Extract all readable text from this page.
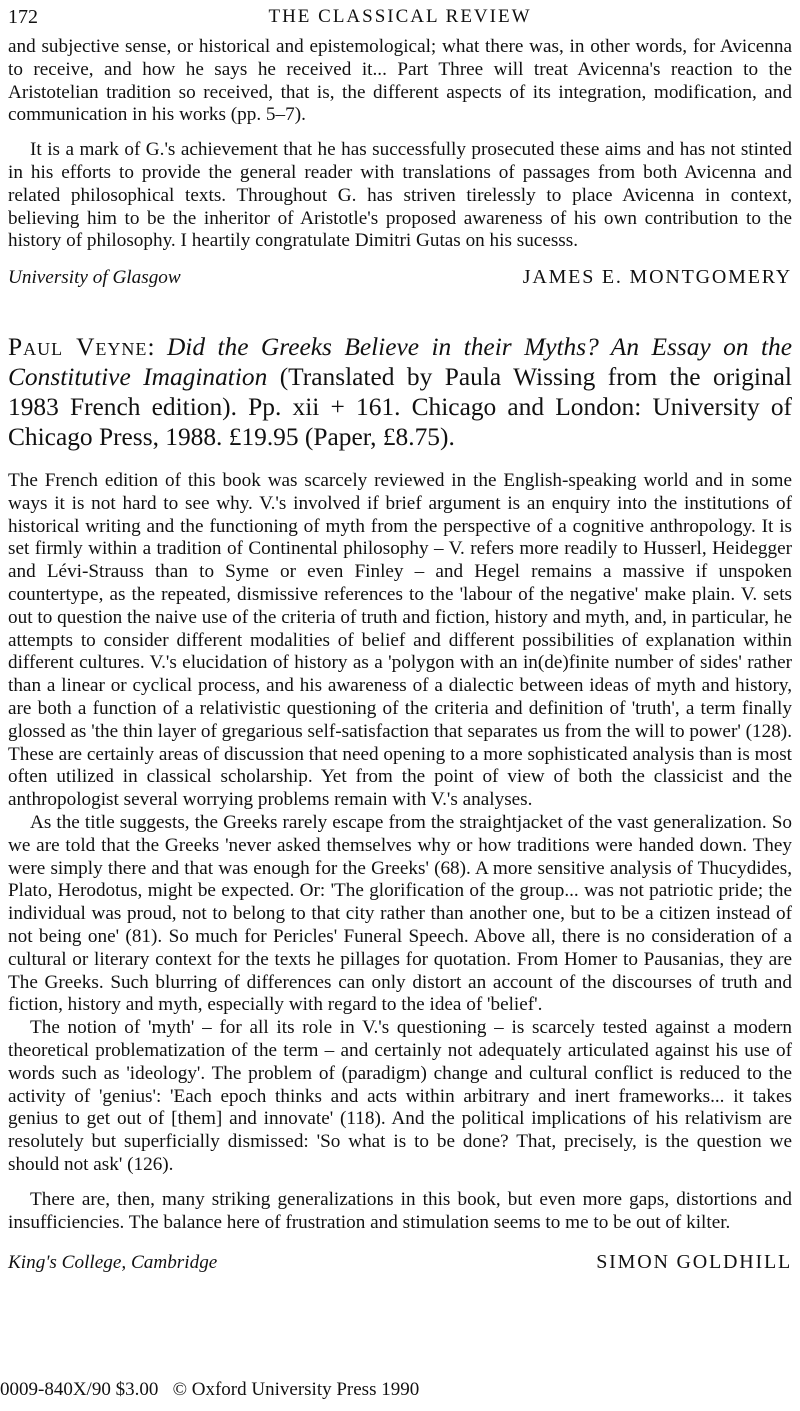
172	THE CLASSICAL REVIEW

and subjective sense, or historical and epistemological; what there was, in other words, for Avicenna to receive, and how he says he received it... Part Three will treat Avicenna's reaction to the Aristotelian tradition so received, that is, the different aspects of its integration, modification, and communication in his works (pp. 5–7).

It is a mark of G.'s achievement that he has successfully prosecuted these aims and has not stinted in his efforts to provide the general reader with translations of passages from both Avicenna and related philosophical texts. Throughout G. has striven tirelessly to place Avicenna in context, believing him to be the inheritor of Aristotle's proposed awareness of his own contribution to the history of philosophy. I heartily congratulate Dimitri Gutas on his sucesss.

University of Glasgow	JAMES E. MONTGOMERY

Paul Veyne: Did the Greeks Believe in their Myths? An Essay on the Constitutive Imagination (Translated by Paula Wissing from the original 1983 French edition). Pp. xii + 161. Chicago and London: University of Chicago Press, 1988. £19.95 (Paper, £8.75).

The French edition of this book was scarcely reviewed in the English-speaking world and in some ways it is not hard to see why. V.'s involved if brief argument is an enquiry into the institutions of historical writing and the functioning of myth from the perspective of a cognitive anthropology. It is set firmly within a tradition of Continental philosophy – V. refers more readily to Husserl, Heidegger and Lévi-Strauss than to Syme or even Finley – and Hegel remains a massive if unspoken countertype, as the repeated, dismissive references to the 'labour of the negative' make plain. V. sets out to question the naive use of the criteria of truth and fiction, history and myth, and, in particular, he attempts to consider different modalities of belief and different possibilities of explanation within different cultures. V.'s elucidation of history as a 'polygon with an in(de)finite number of sides' rather than a linear or cyclical process, and his awareness of a dialectic between ideas of myth and history, are both a function of a relativistic questioning of the criteria and definition of 'truth', a term finally glossed as 'the thin layer of gregarious self-satisfaction that separates us from the will to power' (128). These are certainly areas of discussion that need opening to a more sophisticated analysis than is most often utilized in classical scholarship. Yet from the point of view of both the classicist and the anthropologist several worrying problems remain with V.'s analyses.

As the title suggests, the Greeks rarely escape from the straightjacket of the vast generalization. So we are told that the Greeks 'never asked themselves why or how traditions were handed down. They were simply there and that was enough for the Greeks' (68). A more sensitive analysis of Thucydides, Plato, Herodotus, might be expected. Or: 'The glorification of the group... was not patriotic pride; the individual was proud, not to belong to that city rather than another one, but to be a citizen instead of not being one' (81). So much for Pericles' Funeral Speech. Above all, there is no consideration of a cultural or literary context for the texts he pillages for quotation. From Homer to Pausanias, they are The Greeks. Such blurring of differences can only distort an account of the discourses of truth and fiction, history and myth, especially with regard to the idea of 'belief'.

The notion of 'myth' – for all its role in V.'s questioning – is scarcely tested against a modern theoretical problematization of the term – and certainly not adequately articulated against his use of words such as 'ideology'. The problem of (paradigm) change and cultural conflict is reduced to the activity of 'genius': 'Each epoch thinks and acts within arbitrary and inert frameworks... it takes genius to get out of [them] and innovate' (118). And the political implications of his relativism are resolutely but superficially dismissed: 'So what is to be done? That, precisely, is the question we should not ask' (126).

There are, then, many striking generalizations in this book, but even more gaps, distortions and insufficiencies. The balance here of frustration and stimulation seems to me to be out of kilter.

King's College, Cambridge	SIMON GOLDHILL
0009-840X/90 $3.00   © Oxford University Press 1990
